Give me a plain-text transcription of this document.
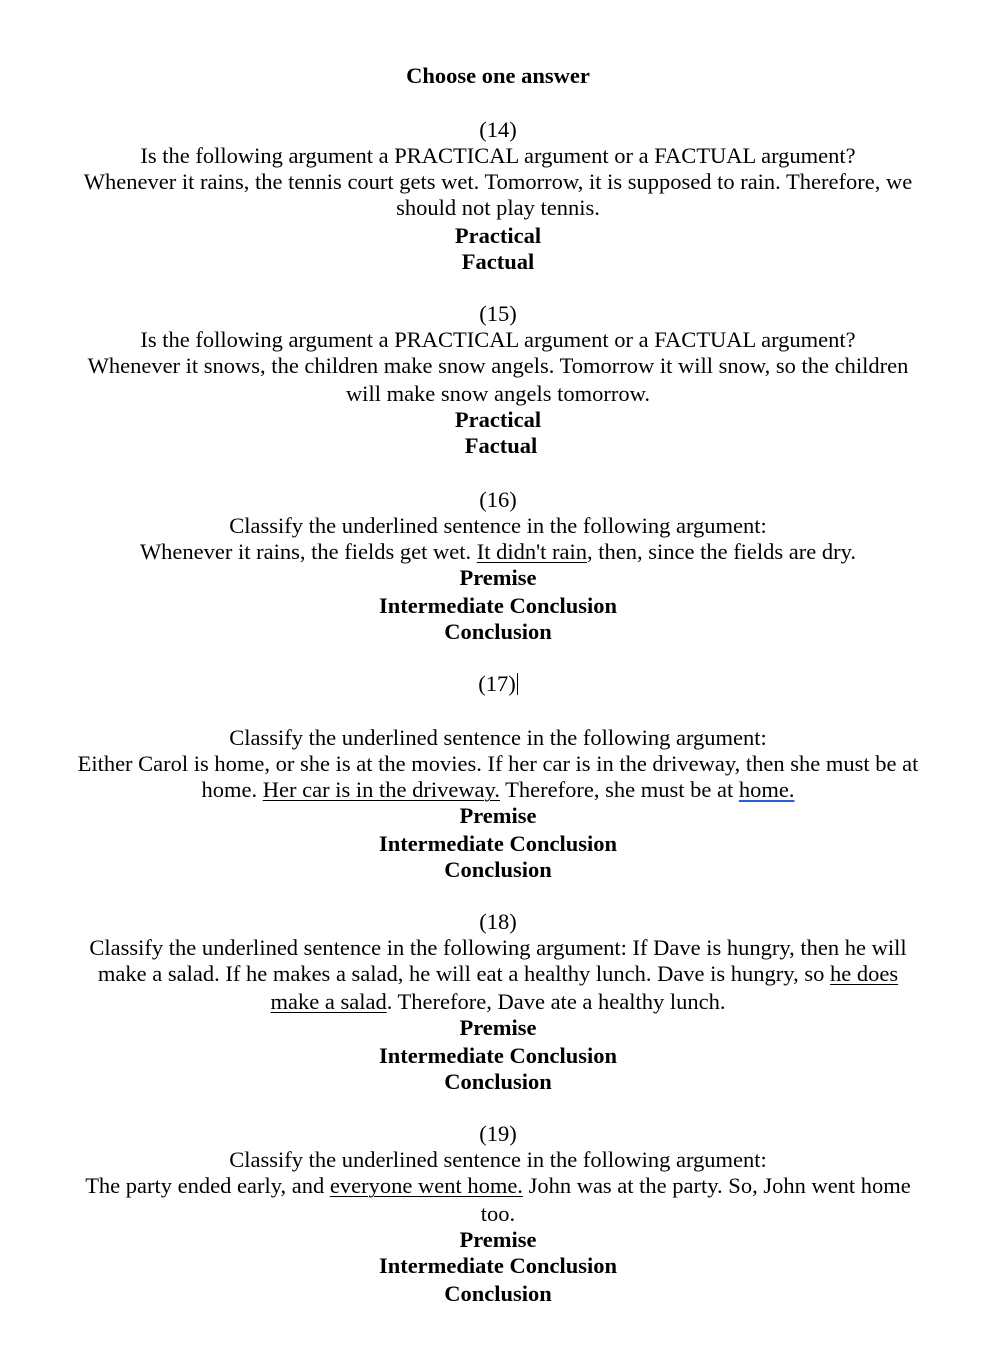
Choose one answer
(14)
Is the following argument a PRACTICAL argument or a FACTUAL argument?
Whenever it rains, the tennis court gets wet. Tomorrow, it is supposed to rain. Therefore, we
should not play tennis.
Practical
Factual
(15)
Is the following argument a PRACTICAL argument or a FACTUAL argument?
Whenever it snows, the children make snow angels. Tomorrow it will snow, so the children
will make snow angels tomorrow.
Practical
Factual
(16)
Classify the underlined sentence in the following argument:
Whenever it rains, the fields get wet. It didn't rain, then, since the fields are dry.
Premise
Intermediate Conclusion
Conclusion
(17)
Classify the underlined sentence in the following argument:
Either Carol is home, or she is at the movies. If her car is in the driveway, then she must be at
home. Her car is in the driveway. Therefore, she must be at home.
Premise
Intermediate Conclusion
Conclusion
(18)
Classify the underlined sentence in the following argument: If Dave is hungry, then he will
make a salad. If he makes a salad, he will eat a healthy lunch. Dave is hungry, so he does
make a salad. Therefore, Dave ate a healthy lunch.
Premise
Intermediate Conclusion
Conclusion
(19)
Classify the underlined sentence in the following argument:
The party ended early, and everyone went home. John was at the party. So, John went home
too.
Premise
Intermediate Conclusion
Conclusion
